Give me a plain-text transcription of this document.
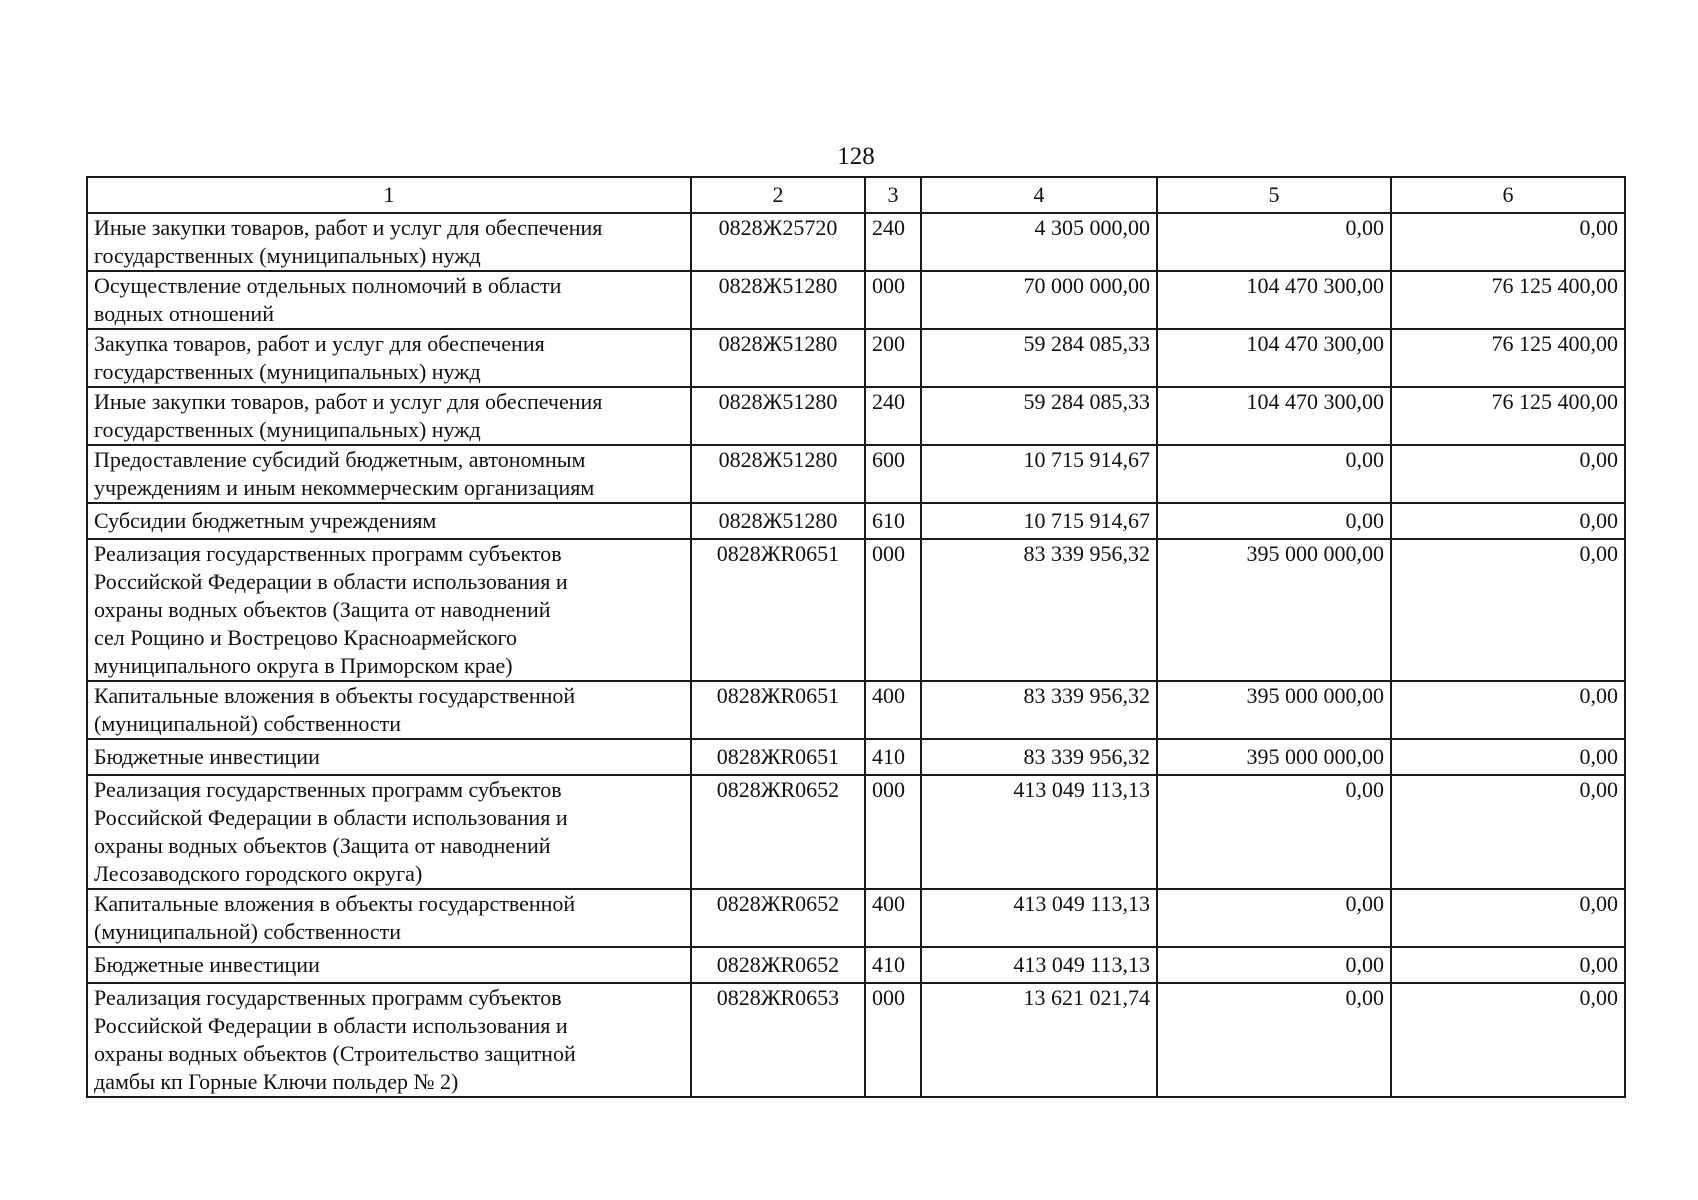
128
1	2	3	4	5	6
Иные закупки товаров, работ и услуг для обеспечения
государственных (муниципальных) нужд	0828Ж25720	240	4 305 000,00	0,00	0,00
Осуществление отдельных полномочий в области
водных отношений	0828Ж51280	000	70 000 000,00	104 470 300,00	76 125 400,00
Закупка товаров, работ и услуг для обеспечения
государственных (муниципальных) нужд	0828Ж51280	200	59 284 085,33	104 470 300,00	76 125 400,00
Иные закупки товаров, работ и услуг для обеспечения
государственных (муниципальных) нужд	0828Ж51280	240	59 284 085,33	104 470 300,00	76 125 400,00
Предоставление субсидий бюджетным, автономным
учреждениям и иным некоммерческим организациям	0828Ж51280	600	10 715 914,67	0,00	0,00
Субсидии бюджетным учреждениям	0828Ж51280	610	10 715 914,67	0,00	0,00
Реализация государственных программ субъектов
Российской Федерации в области использования и
охраны водных объектов (Защита от наводнений
сел Рощино и Вострецово Красноармейского
муниципального округа в Приморском крае)	0828ЖR0651	000	83 339 956,32	395 000 000,00	0,00
Капитальные вложения в объекты государственной
(муниципальной) собственности	0828ЖR0651	400	83 339 956,32	395 000 000,00	0,00
Бюджетные инвестиции	0828ЖR0651	410	83 339 956,32	395 000 000,00	0,00
Реализация государственных программ субъектов
Российской Федерации в области использования и
охраны водных объектов (Защита от наводнений
Лесозаводского городского округа)	0828ЖR0652	000	413 049 113,13	0,00	0,00
Капитальные вложения в объекты государственной
(муниципальной) собственности	0828ЖR0652	400	413 049 113,13	0,00	0,00
Бюджетные инвестиции	0828ЖR0652	410	413 049 113,13	0,00	0,00
Реализация государственных программ субъектов
Российской Федерации в области использования и
охраны водных объектов (Строительство защитной
дамбы кп Горные Ключи польдер № 2)	0828ЖR0653	000	13 621 021,74	0,00	0,00
